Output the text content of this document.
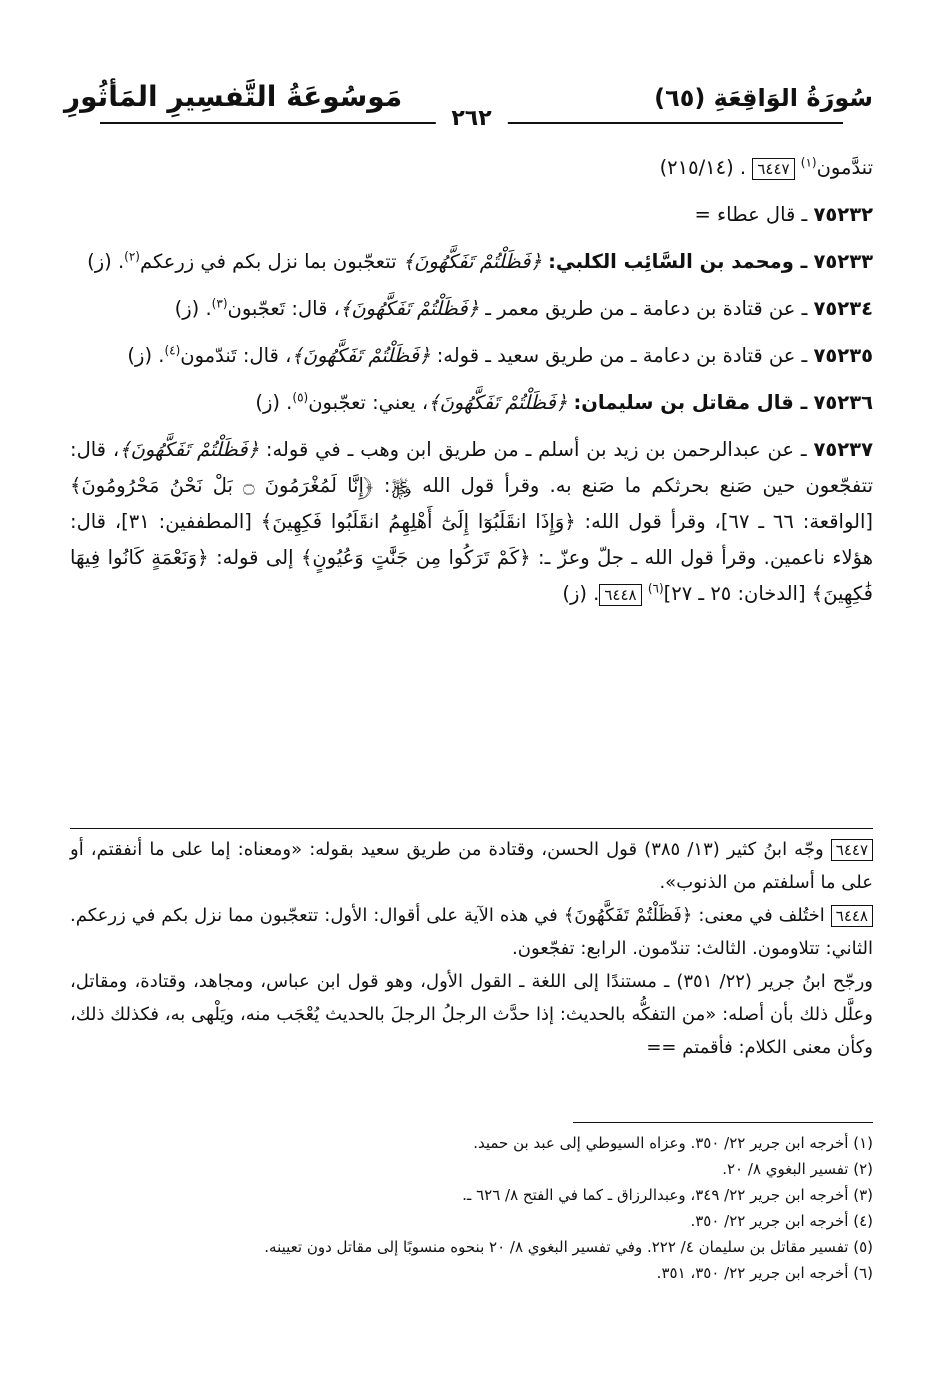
سُورَةُ الوَاقِعَةِ (٦٥)
مَوسُوعَةُ التَّفسِيرِ المَأثُورِ
٢٦٢

تندَّمون$^{(١)}$ ٦٤٤٧ . (٢١٥/١٤)

٧٥٢٣٢ ـ قال عطاء =

٧٥٢٣٣ ـ ومحمد بن السَّائِب الكلبي: ﴿فَظَلْتُمْ تَفَكَّهُونَ﴾ تتعجّبون بما نزل بكم في زرعكم$^{(٢)}$. (ز)

٧٥٢٣٤ ـ عن قتادة بن دعامة ـ من طريق معمر ـ ﴿فَظَلْتُمْ تَفَكَّهُونَ﴾، قال: تَعجّبون$^{(٣)}$. (ز)

٧٥٢٣٥ ـ عن قتادة بن دعامة ـ من طريق سعيد ـ قوله: ﴿فَظَلْتُمْ تَفَكَّهُونَ﴾، قال: تَندّمون$^{(٤)}$. (ز)

٧٥٢٣٦ ـ قال مقاتل بن سليمان: ﴿فَظَلْتُمْ تَفَكَّهُونَ﴾، يعني: تعجّبون$^{(٥)}$. (ز)

٧٥٢٣٧ ـ عن عبدالرحمن بن زيد بن أسلم ـ من طريق ابن وهب ـ في قوله: ﴿فَظَلْتُمْ تَفَكَّهُونَ﴾، قال: تتفجّعون حين صَنع بحرثكم ما صَنع به. وقرأ قول الله ﷿: ﴿إِنَّا لَمُغْرَمُونَ ۝ بَلْ نَحْنُ مَحْرُومُونَ﴾ [الواقعة: ٦٦ ـ ٦٧]، وقرأ قول الله: ﴿وَإِذَا انقَلَبُوٓا إِلَىٰٓ أَهْلِهِمُ انقَلَبُوا فَكِهِينَ﴾ [المطففين: ٣١]، قال: هؤلاء ناعمين. وقرأ قول الله ـ جلّ وعزّ ـ: ﴿كَمْ تَرَكُوا مِن جَنَّٰتٍ وَعُيُونٍ﴾ إلى قوله: ﴿وَنَعْمَةٍ كَانُوا فِيهَا فَٰكِهِينَ﴾ [الدخان: ٢٥ ـ ٢٧]$^{(٦)}$ ٦٤٤٨. (ز)

٦٤٤٧ وجّه ابنُ كثير (١٣/ ٣٨٥) قول الحسن، وقتادة من طريق سعيد بقوله: «ومعناه: إما على ما أنفقتم، أو على ما أسلفتم من الذنوب».

٦٤٤٨ اختُلف في معنى: ﴿فَظَلْتُمْ تَفَكَّهُونَ﴾ في هذه الآية على أقوال: الأول: تتعجّبون مما نزل بكم في زرعكم. الثاني: تتلاومون. الثالث: تندّمون. الرابع: تفجّعون.

ورجّح ابنُ جرير (٢٢/ ٣٥١) ـ مستندًا إلى اللغة ـ القول الأول، وهو قول ابن عباس، ومجاهد، وقتادة، ومقاتل، وعلَّل ذلك بأن أصله: «من التفكُّه بالحديث: إذا حدَّث الرجلُ الرجلَ بالحديث يُعْجَب منه، ويَلْهى به، فكذلك ذلك، وكأن معنى الكلام: فأقمتم ==

(١) أخرجه ابن جرير ٢٢/ ٣٥٠. وعزاه السيوطي إلى عبد بن حميد.
(٢) تفسير البغوي ٨/ ٢٠.
(٣) أخرجه ابن جرير ٢٢/ ٣٤٩، وعبدالرزاق ـ كما في الفتح ٨/ ٦٢٦ ـ.
(٤) أخرجه ابن جرير ٢٢/ ٣٥٠.
(٥) تفسير مقاتل بن سليمان ٤/ ٢٢٢. وفي تفسير البغوي ٨/ ٢٠ بنحوه منسوبًا إلى مقاتل دون تعيينه.
(٦) أخرجه ابن جرير ٢٢/ ٣٥٠، ٣٥١.
